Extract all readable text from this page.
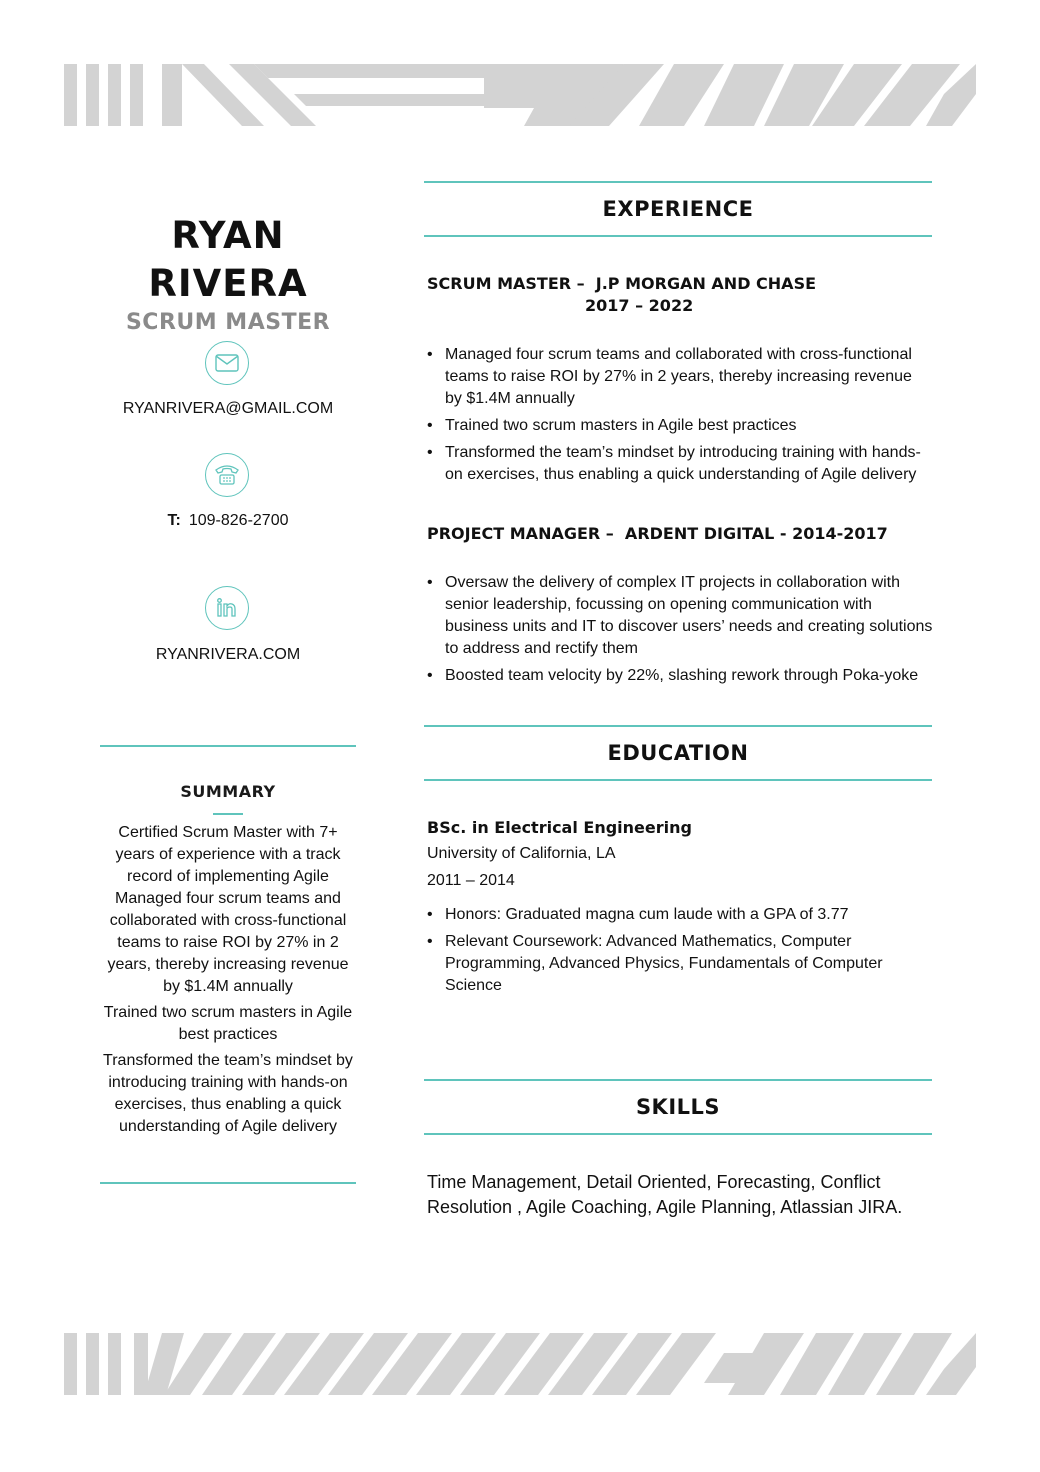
RYAN
RIVERA
SCRUM MASTER
RYANRIVERA@GMAIL.COM
T: 109-826-2700
RYANRIVERA.COM
SUMMARY

Certified Scrum Master with 7+ years of experience with a track record of implementing Agile Managed four scrum teams and collaborated with cross-functional teams to raise ROI by 27% in 2 years, thereby increasing revenue by $1.4M annually

Trained two scrum masters in Agile best practices

Transformed the team’s mindset by introducing training with hands-on exercises, thus enabling a quick understanding of Agile delivery

EXPERIENCE
SCRUM MASTER –  J.P MORGAN AND CHASE
2017 – 2022
• Managed four scrum teams and collaborated with cross-functional teams to raise ROI by 27% in 2 years, thereby increasing revenue by $1.4M annually
• Trained two scrum masters in Agile best practices
• Transformed the team’s mindset by introducing training with hands-on exercises, thus enabling a quick understanding of Agile delivery
PROJECT MANAGER –  ARDENT DIGITAL - 2014-2017
• Oversaw the delivery of complex IT projects in collaboration with senior leadership, focussing on opening communication with business units and IT to discover users’ needs and creating solutions to address and rectify them
• Boosted team velocity by 22%, slashing rework through Poka-yoke
EDUCATION
BSc. in Electrical Engineering
University of California, LA
2011 – 2014
• Honors: Graduated magna cum laude with a GPA of 3.77
• Relevant Coursework: Advanced Mathematics, Computer Programming, Advanced Physics, Fundamentals of Computer Science
SKILLS
Time Management, Detail Oriented, Forecasting, Conflict Resolution , Agile Coaching, Agile Planning, Atlassian JIRA.
